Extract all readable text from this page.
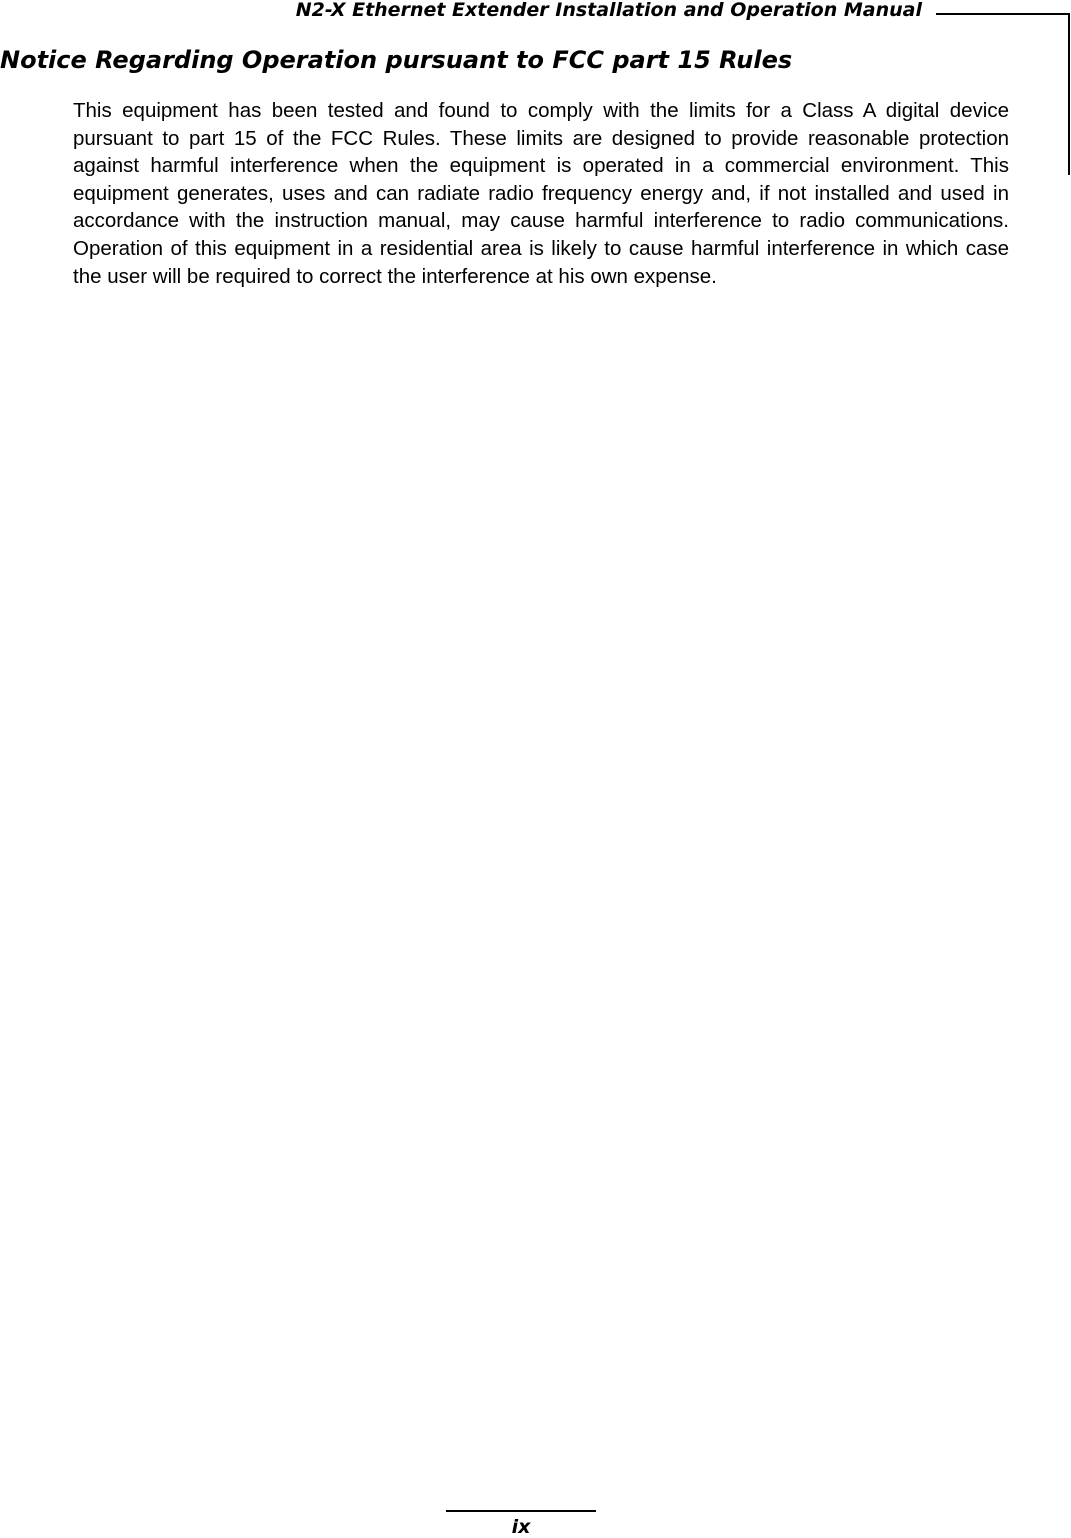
N2-X Ethernet Extender Installation and Operation Manual
Notice Regarding Operation pursuant to FCC part 15 Rules

This equipment has been tested and found to comply with the limits for a Class A digital device pursuant to part 15 of the FCC Rules. These limits are designed to provide reasonable protection against harmful interference when the equipment is operated in a commercial environment. This equipment generates, uses and can radiate radio frequency energy and, if not installed and used in accordance with the instruction manual, may cause harmful interference to radio communications. Operation of this equipment in a residential area is likely to cause harmful interference in which case the user will be required to correct the interference at his own expense.

ix
